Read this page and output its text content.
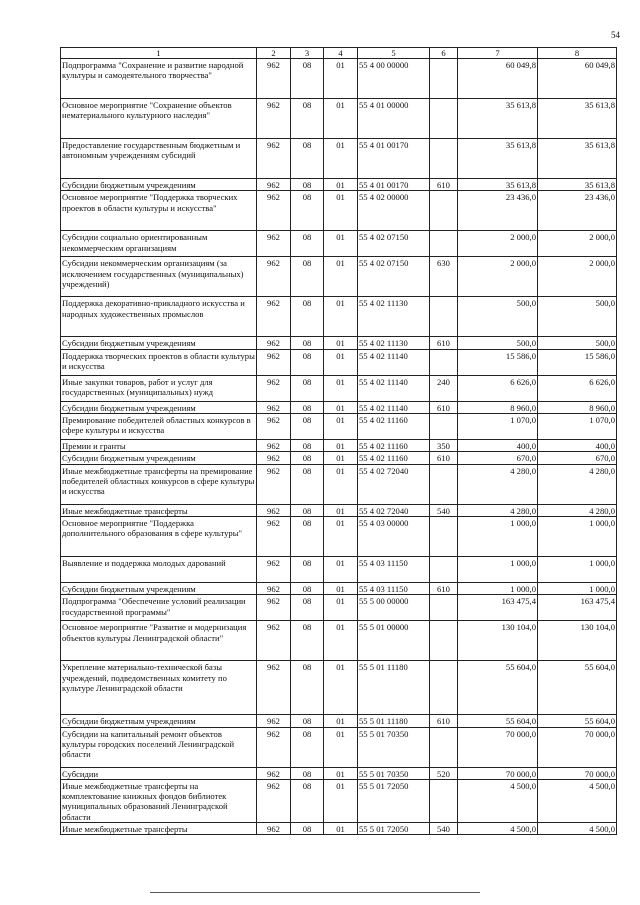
54
1	2	3	4	5	6	7	8
Подпрограмма "Сохранение и развитие народной культуры и самодеятельного творчества"	962	08	01	55 4 00 00000		60 049,8	60 049,8
Основное мероприятие "Сохранение объектов нематериального культурного наследия"	962	08	01	55 4 01 00000		35 613,8	35 613,8
Предоставление государственным бюджетным и автономным учреждениям субсидий	962	08	01	55 4 01 00170		35 613,8	35 613,8
Субсидии бюджетным учреждениям	962	08	01	55 4 01 00170	610	35 613,8	35 613,8
Основное мероприятие "Поддержка творческих проектов в области культуры и искусства"	962	08	01	55 4 02 00000		23 436,0	23 436,0
Субсидии социально ориентированным некоммерческим организациям	962	08	01	55 4 02 07150		2 000,0	2 000,0
Субсидии некоммерческим организациям (за исключением государственных (муниципальных) учреждений)	962	08	01	55 4 02 07150	630	2 000,0	2 000,0
Поддержка декоративно-прикладного искусства и народных художественных промыслов	962	08	01	55 4 02 11130		500,0	500,0
Субсидии бюджетным учреждениям	962	08	01	55 4 02 11130	610	500,0	500,0
Поддержка творческих проектов в области культуры и искусства	962	08	01	55 4 02 11140		15 586,0	15 586,0
Иные закупки товаров, работ и услуг для государственных (муниципальных) нужд	962	08	01	55 4 02 11140	240	6 626,0	6 626,0
Субсидии бюджетным учреждениям	962	08	01	55 4 02 11140	610	8 960,0	8 960,0
Премирование победителей областных конкурсов в сфере культуры и искусства	962	08	01	55 4 02 11160		1 070,0	1 070,0
Премии и гранты	962	08	01	55 4 02 11160	350	400,0	400,0
Субсидии бюджетным учреждениям	962	08	01	55 4 02 11160	610	670,0	670,0
Иные межбюджетные трансферты на премирование победителей областных конкурсов в сфере культуры и искусства	962	08	01	55 4 02 72040		4 280,0	4 280,0
Иные межбюджетные трансферты	962	08	01	55 4 02 72040	540	4 280,0	4 280,0
Основное мероприятие "Поддержка дополнительного образования в сфере культуры"	962	08	01	55 4 03 00000		1 000,0	1 000,0
Выявление и поддержка молодых дарований	962	08	01	55 4 03 11150		1 000,0	1 000,0
Субсидии бюджетным учреждениям	962	08	01	55 4 03 11150	610	1 000,0	1 000,0
Подпрограмма "Обеспечение условий реализации государственной программы"	962	08	01	55 5 00 00000		163 475,4	163 475,4
Основное мероприятие "Развитие и модернизация объектов культуры Ленинградской области"	962	08	01	55 5 01 00000		130 104,0	130 104,0
Укрепление материально-технической базы учреждений, подведомственных комитету по культуре Ленинградской области	962	08	01	55 5 01 11180		55 604,0	55 604,0
Субсидии бюджетным учреждениям	962	08	01	55 5 01 11180	610	55 604,0	55 604,0
Субсидии на капитальный ремонт объектов культуры городских поселений Ленинградской области	962	08	01	55 5 01 70350		70 000,0	70 000,0
Субсидии	962	08	01	55 5 01 70350	520	70 000,0	70 000,0
Иные межбюджетные трансферты на комплектование книжных фондов библиотек муниципальных образований Ленинградской области	962	08	01	55 5 01 72050		4 500,0	4 500,0
Иные межбюджетные трансферты	962	08	01	55 5 01 72050	540	4 500,0	4 500,0
